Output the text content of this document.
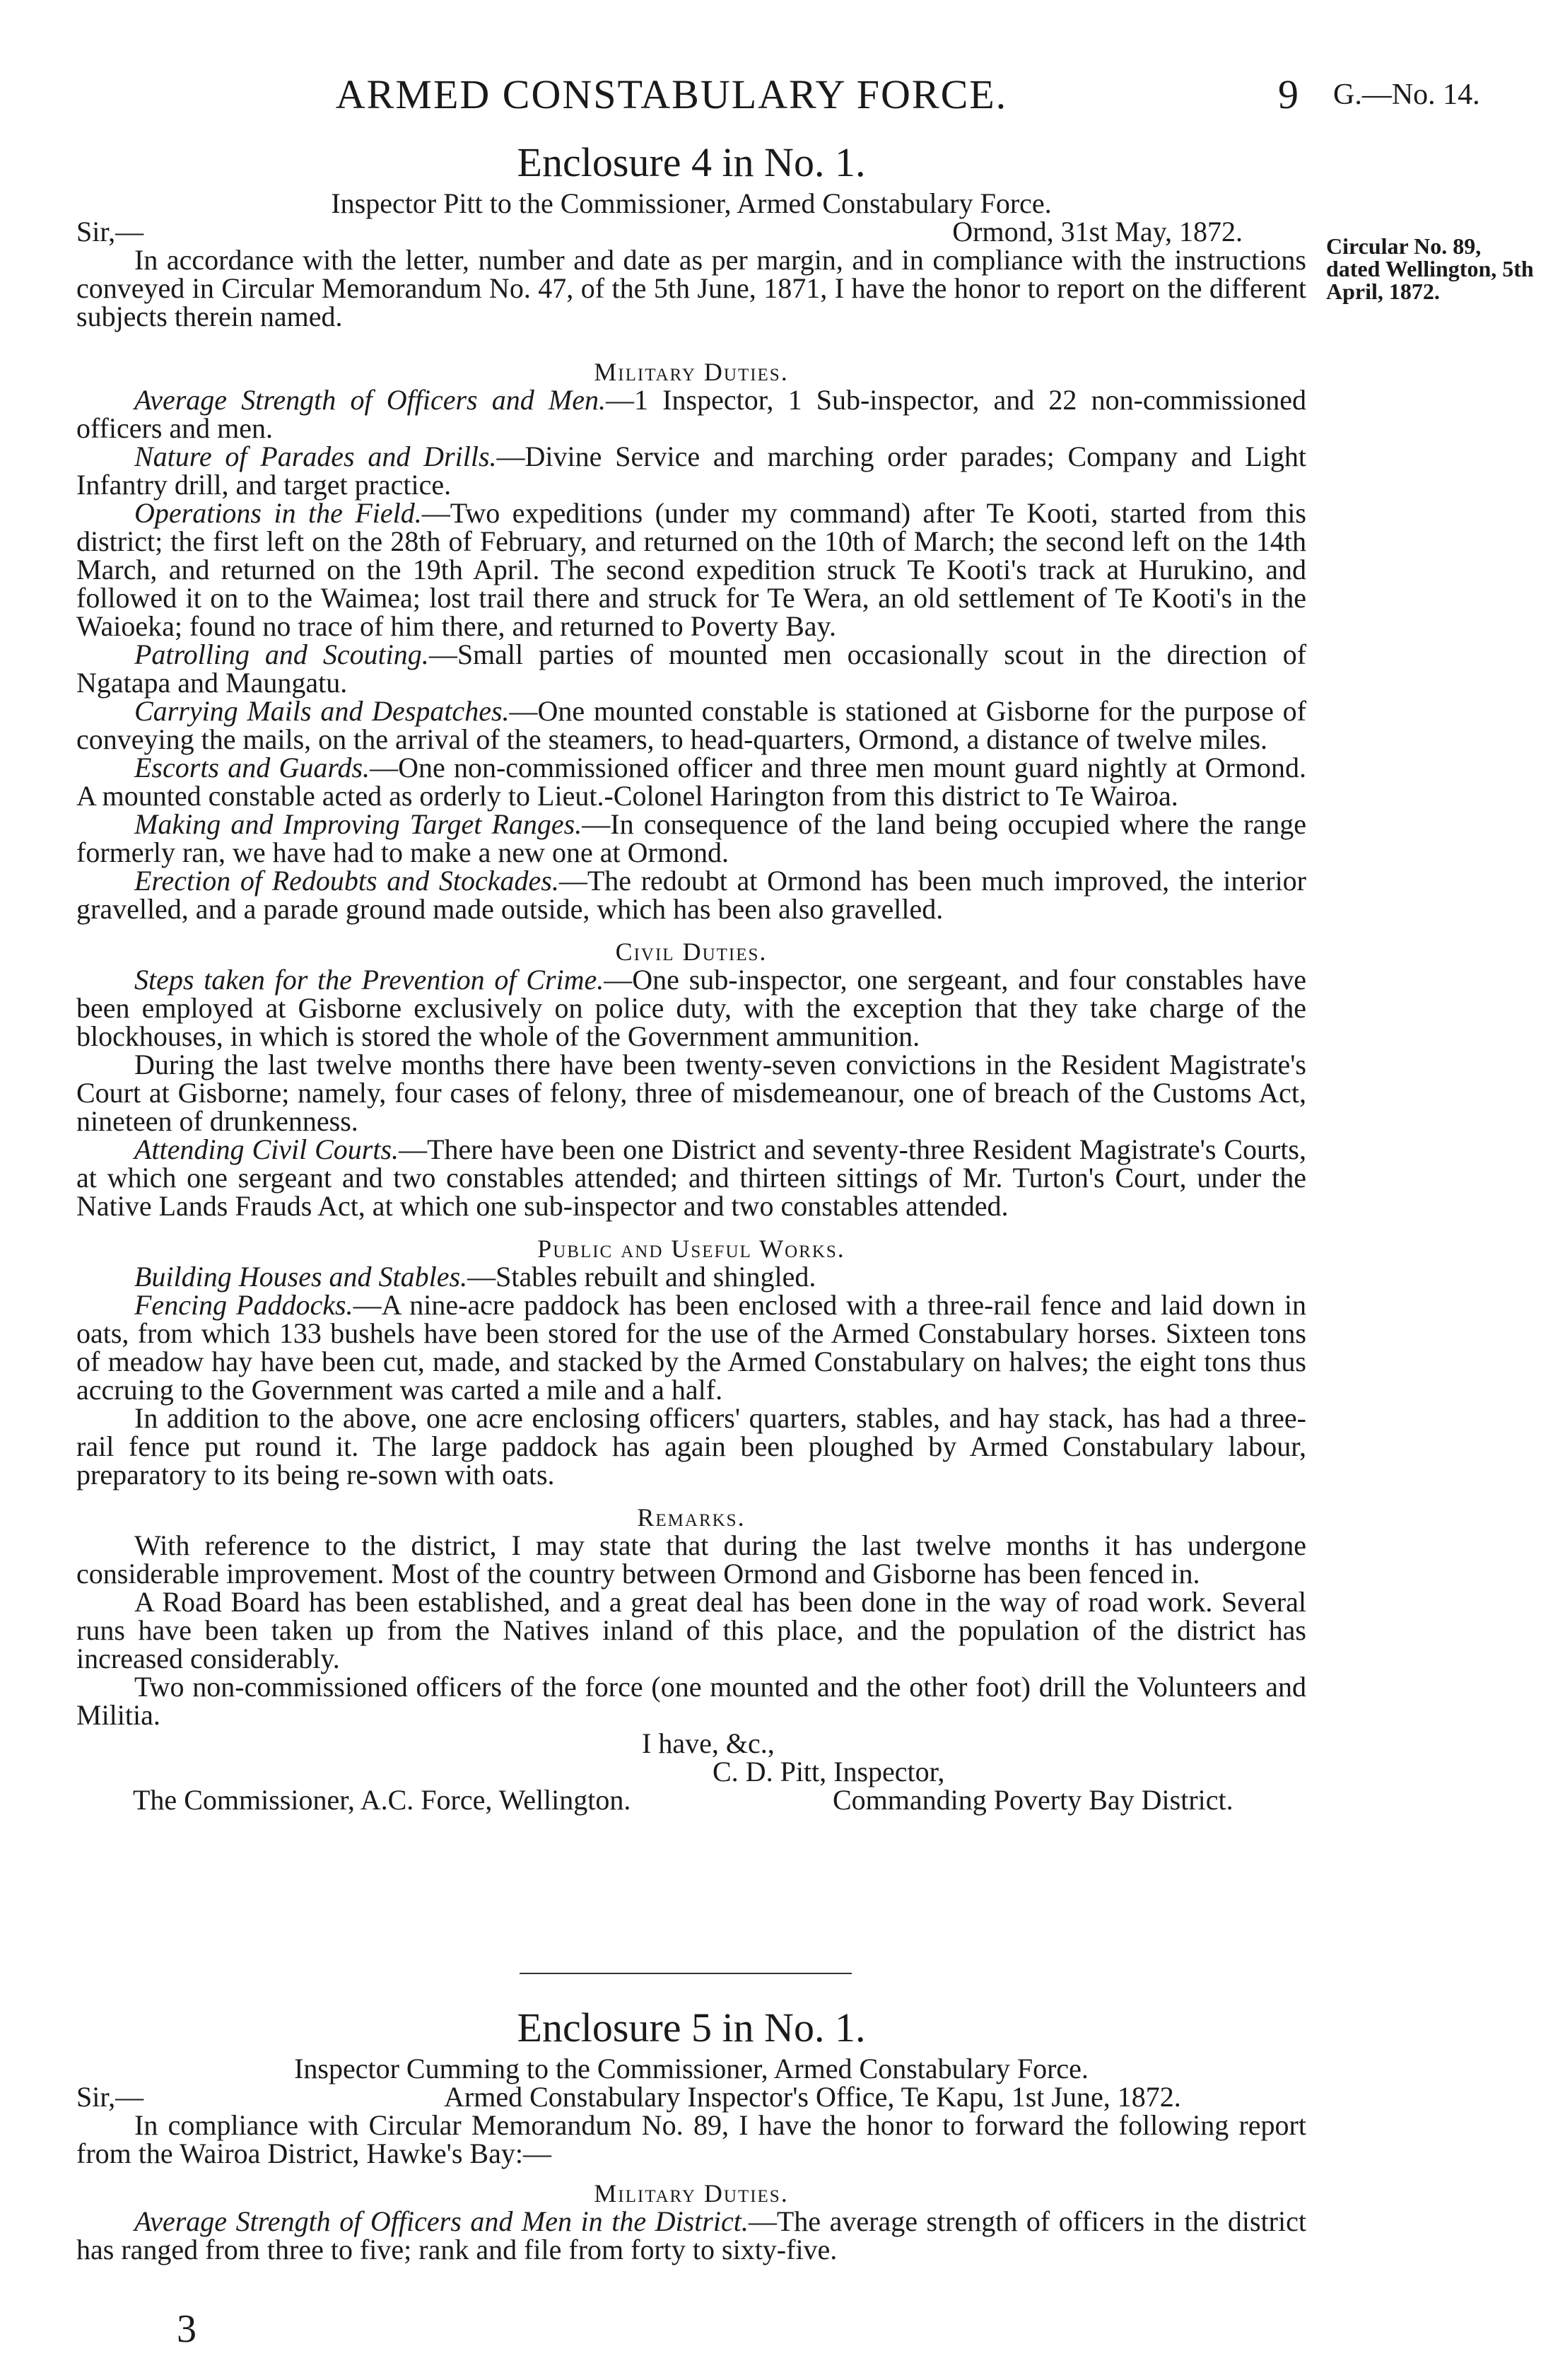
ARMED CONSTABULARY FORCE.	9 G.—No. 14.
Enclosure 4 in No. 1.
Inspector Pitt to the Commissioner, Armed Constabulary Force.
Sir,—	Ormond, 31st May, 1872.
In accordance with the letter, number and date as per margin, and in compliance with the instructions conveyed in Circular Memorandum No. 47, of the 5th June, 1871, I have the honor to report on the different subjects therein named.
Military Duties.
Average Strength of Officers and Men.—1 Inspector, 1 Sub-inspector, and 22 non-commissioned officers and men.
Nature of Parades and Drills.—Divine Service and marching order parades; Company and Light Infantry drill, and target practice.
Operations in the Field.—Two expeditions (under my command) after Te Kooti, started from this district; the first left on the 28th of February, and returned on the 10th of March; the second left on the 14th March, and returned on the 19th April. The second expedition struck Te Kooti's track at Hurukino, and followed it on to the Waimea; lost trail there and struck for Te Wera, an old settlement of Te Kooti's in the Waioeka; found no trace of him there, and returned to Poverty Bay.
Patrolling and Scouting.—Small parties of mounted men occasionally scout in the direction of Ngatapa and Maungatu.
Carrying Mails and Despatches.—One mounted constable is stationed at Gisborne for the purpose of conveying the mails, on the arrival of the steamers, to head-quarters, Ormond, a distance of twelve miles.
Escorts and Guards.—One non-commissioned officer and three men mount guard nightly at Ormond. A mounted constable acted as orderly to Lieut.-Colonel Harington from this district to Te Wairoa.
Making and Improving Target Ranges.—In consequence of the land being occupied where the range formerly ran, we have had to make a new one at Ormond.
Erection of Redoubts and Stockades.—The redoubt at Ormond has been much improved, the interior gravelled, and a parade ground made outside, which has been also gravelled.
Civil Duties.
Steps taken for the Prevention of Crime.—One sub-inspector, one sergeant, and four constables have been employed at Gisborne exclusively on police duty, with the exception that they take charge of the blockhouses, in which is stored the whole of the Government ammunition.
During the last twelve months there have been twenty-seven convictions in the Resident Magistrate's Court at Gisborne; namely, four cases of felony, three of misdemeanour, one of breach of the Customs Act, nineteen of drunkenness.
Attending Civil Courts.—There have been one District and seventy-three Resident Magistrate's Courts, at which one sergeant and two constables attended; and thirteen sittings of Mr. Turton's Court, under the Native Lands Frauds Act, at which one sub-inspector and two constables attended.
Public and Useful Works.
Building Houses and Stables.—Stables rebuilt and shingled.
Fencing Paddocks.—A nine-acre paddock has been enclosed with a three-rail fence and laid down in oats, from which 133 bushels have been stored for the use of the Armed Constabulary horses. Sixteen tons of meadow hay have been cut, made, and stacked by the Armed Constabulary on halves; the eight tons thus accruing to the Government was carted a mile and a half.
In addition to the above, one acre enclosing officers' quarters, stables, and hay stack, has had a three-rail fence put round it. The large paddock has again been ploughed by Armed Constabulary labour, preparatory to its being re-sown with oats.
Remarks.
With reference to the district, I may state that during the last twelve months it has undergone considerable improvement. Most of the country between Ormond and Gisborne has been fenced in.
A Road Board has been established, and a great deal has been done in the way of road work. Several runs have been taken up from the Natives inland of this place, and the population of the district has increased considerably.
Two non-commissioned officers of the force (one mounted and the other foot) drill the Volunteers and Militia.
I have, &c.,
C. D. Pitt, Inspector,
The Commissioner, A.C. Force, Wellington.	Commanding Poverty Bay District.
Circular No. 89, dated Wellington, 5th April, 1872.
Enclosure 5 in No. 1.
Inspector Cumming to the Commissioner, Armed Constabulary Force.
Sir,—	Armed Constabulary Inspector's Office, Te Kapu, 1st June, 1872.
In compliance with Circular Memorandum No. 89, I have the honor to forward the following report from the Wairoa District, Hawke's Bay:—
Military Duties.
Average Strength of Officers and Men in the District.—The average strength of officers in the district has ranged from three to five; rank and file from forty to sixty-five.
3
